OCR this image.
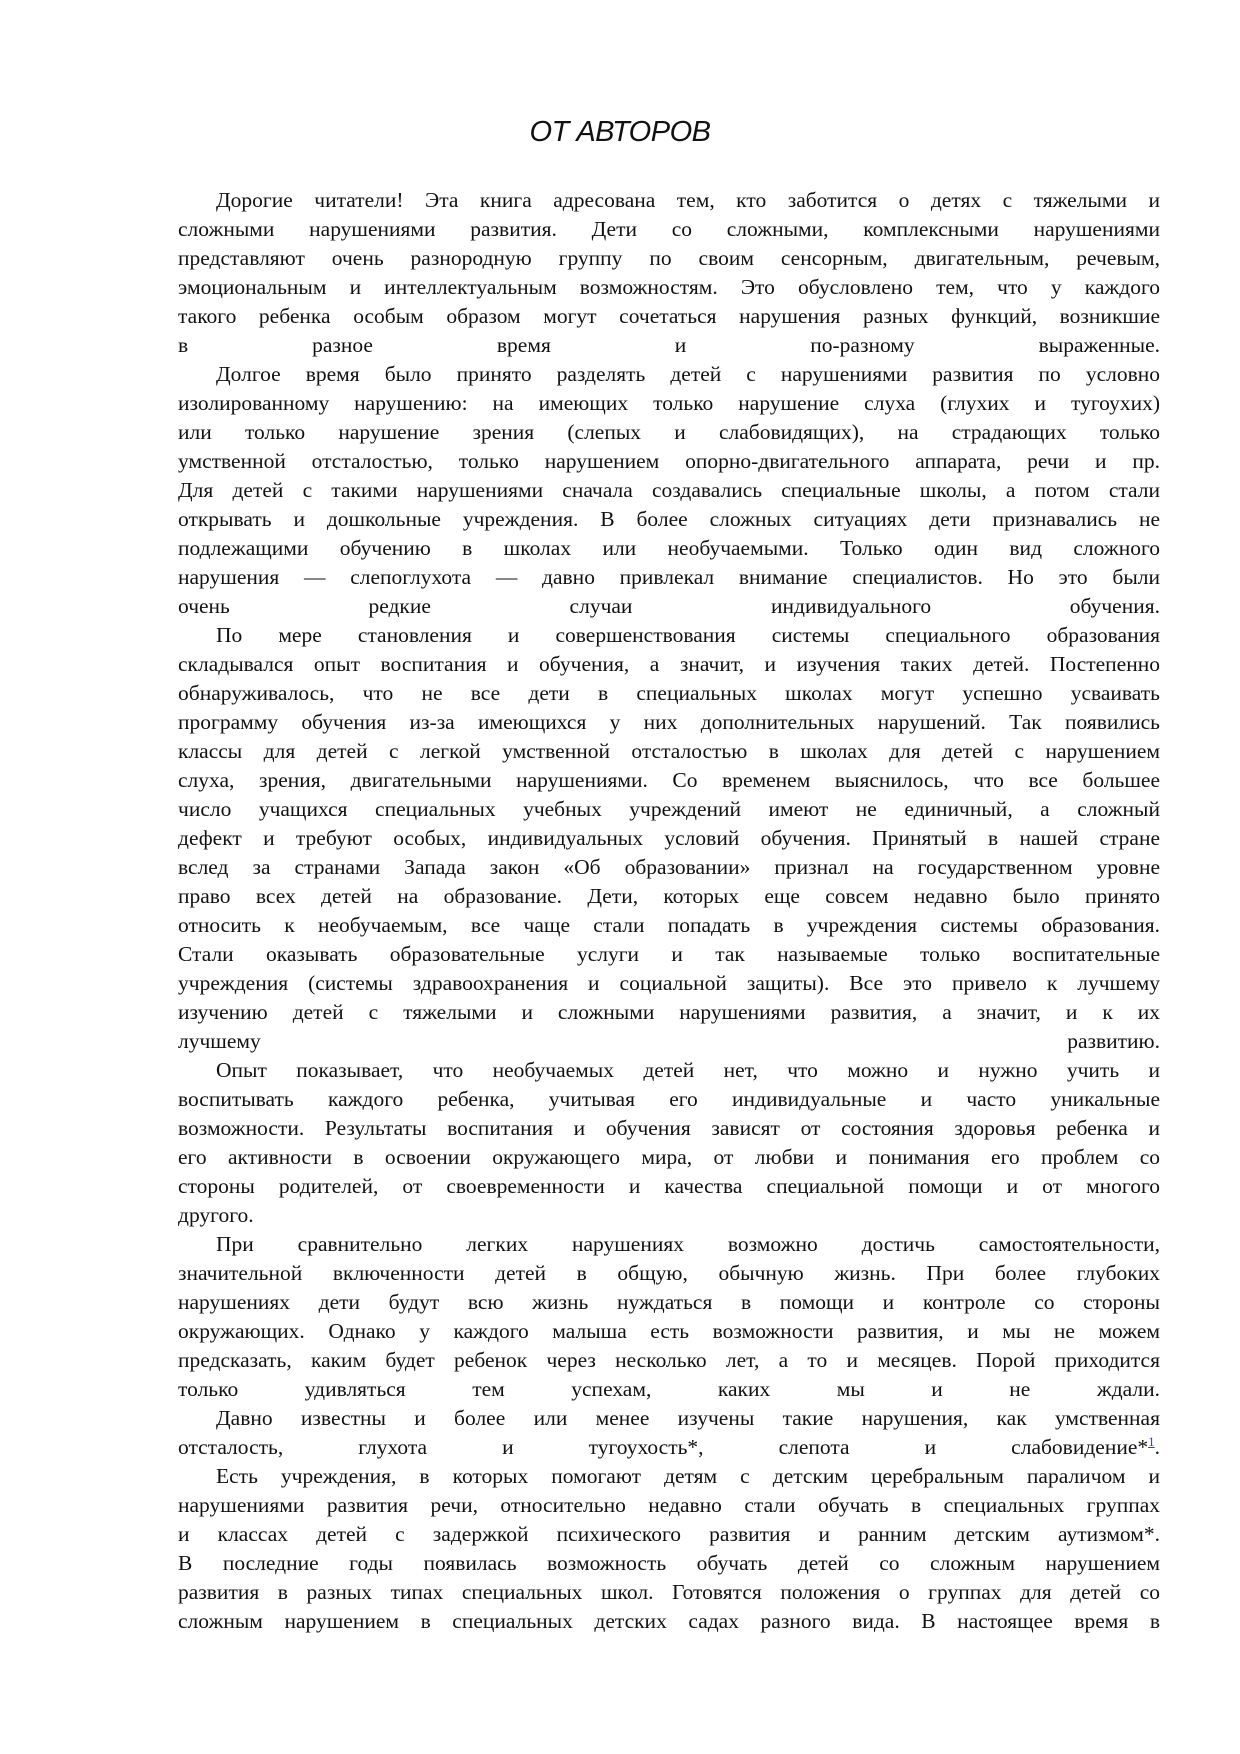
ОТ АВТОРОВ
Дорогие читатели! Эта книга адресована тем, кто заботится о детях с тяжелыми и
сложными нарушениями развития. Дети со сложными, комплексными нарушениями
представляют очень разнородную группу по своим сенсорным, двигательным, речевым,
эмоциональным и интеллектуальным возможностям. Это обусловлено тем, что у каждого
такого ребенка особым образом могут сочетаться нарушения разных функций, возникшие
в разное время и по-разному выраженные.
Долгое время было принято разделять детей с нарушениями развития по условно
изолированному нарушению: на имеющих только нарушение слуха (глухих и тугоухих)
или только нарушение зрения (слепых и слабовидящих), на страдающих только
умственной отсталостью, только нарушением опорно-двигательного аппарата, речи и пр.
Для детей с такими нарушениями сначала создавались специальные школы, а потом стали
открывать и дошкольные учреждения. В более сложных ситуациях дети признавались не
подлежащими обучению в школах или необучаемыми. Только один вид сложного
нарушения — слепоглухота — давно привлекал внимание специалистов. Но это были
очень редкие случаи индивидуального обучения.
По мере становления и совершенствования системы специального образования
складывался опыт воспитания и обучения, а значит, и изучения таких детей. Постепенно
обнаруживалось, что не все дети в специальных школах могут успешно усваивать
программу обучения из-за имеющихся у них дополнительных нарушений. Так появились
классы для детей с легкой умственной отсталостью в школах для детей с нарушением
слуха, зрения, двигательными нарушениями. Со временем выяснилось, что все большее
число учащихся специальных учебных учреждений имеют не единичный, а сложный
дефект и требуют особых, индивидуальных условий обучения. Принятый в нашей стране
вслед за странами Запада закон «Об образовании» признал на государственном уровне
право всех детей на образование. Дети, которых еще совсем недавно было принято
относить к необучаемым, все чаще стали попадать в учреждения системы образования.
Стали оказывать образовательные услуги и так называемые только воспитательные
учреждения (системы здравоохранения и социальной защиты). Все это привело к лучшему
изучению детей с тяжелыми и сложными нарушениями развития, а значит, и к их
лучшему развитию.
Опыт показывает, что необучаемых детей нет, что можно и нужно учить и
воспитывать каждого ребенка, учитывая его индивидуальные и часто уникальные
возможности. Результаты воспитания и обучения зависят от состояния здоровья ребенка и
его активности в освоении окружающего мира, от любви и понимания его проблем со
стороны родителей, от своевременности и качества специальной помощи и от многого
другого.
При сравнительно легких нарушениях возможно достичь самостоятельности,
значительной включенности детей в общую, обычную жизнь. При более глубоких
нарушениях дети будут всю жизнь нуждаться в помощи и контроле со стороны
окружающих. Однако у каждого малыша есть возможности развития, и мы не можем
предсказать, каким будет ребенок через несколько лет, а то и месяцев. Порой приходится
только удивляться тем успехам, каких мы и не ждали.
Давно известны и более или менее изучены такие нарушения, как умственная
отсталость, глухота и тугоухость*, слепота и слабовидение*$^1$.
Есть учреждения, в которых помогают детям с детским церебральным параличом и
нарушениями развития речи, относительно недавно стали обучать в специальных группах
и классах детей с задержкой психического развития и ранним детским аутизмом*.
В последние годы появилась возможность обучать детей со сложным нарушением
развития в разных типах специальных школ. Готовятся положения о группах для детей со
сложным нарушением в специальных детских садах разного вида. В настоящее время в
